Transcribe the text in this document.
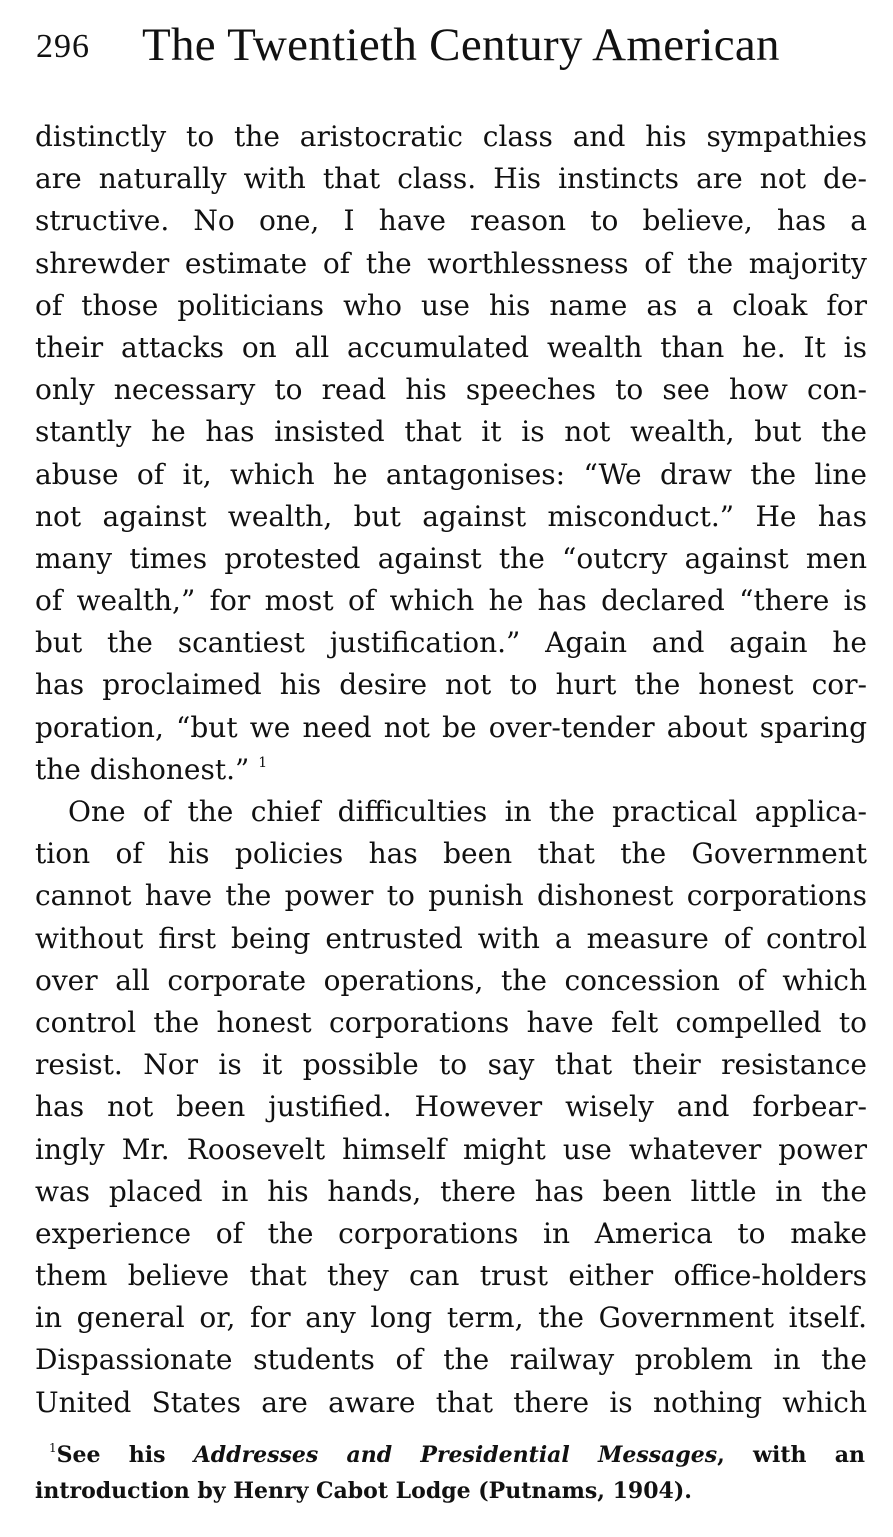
296 The Twentieth Century American
distinctly to the aristocratic class and his sympathies
are naturally with that class. His instincts are not de-
structive. No one, I have reason to believe, has a
shrewder estimate of the worthlessness of the majority
of those politicians who use his name as a cloak for
their attacks on all accumulated wealth than he. It is
only necessary to read his speeches to see how con-
stantly he has insisted that it is not wealth, but the
abuse of it, which he antagonises: “We draw the line
not against wealth, but against misconduct.” He has
many times protested against the “outcry against men
of wealth,” for most of which he has declared “there is
but the scantiest justification.” Again and again he
has proclaimed his desire not to hurt the honest cor-
poration, “but we need not be over-tender about sparing
the dishonest.” $^1$
One of the chief difficulties in the practical applica-
tion of his policies has been that the Government
cannot have the power to punish dishonest corporations
without first being entrusted with a measure of control
over all corporate operations, the concession of which
control the honest corporations have felt compelled to
resist. Nor is it possible to say that their resistance
has not been justified. However wisely and forbear-
ingly Mr. Roosevelt himself might use whatever power
was placed in his hands, there has been little in the
experience of the corporations in America to make
them believe that they can trust either office-holders
in general or, for any long term, the Government itself.
Dispassionate students of the railway problem in the
United States are aware that there is nothing which
$^1$See his Addresses and Presidential Messages, with an
introduction by Henry Cabot Lodge (Putnams, 1904).
